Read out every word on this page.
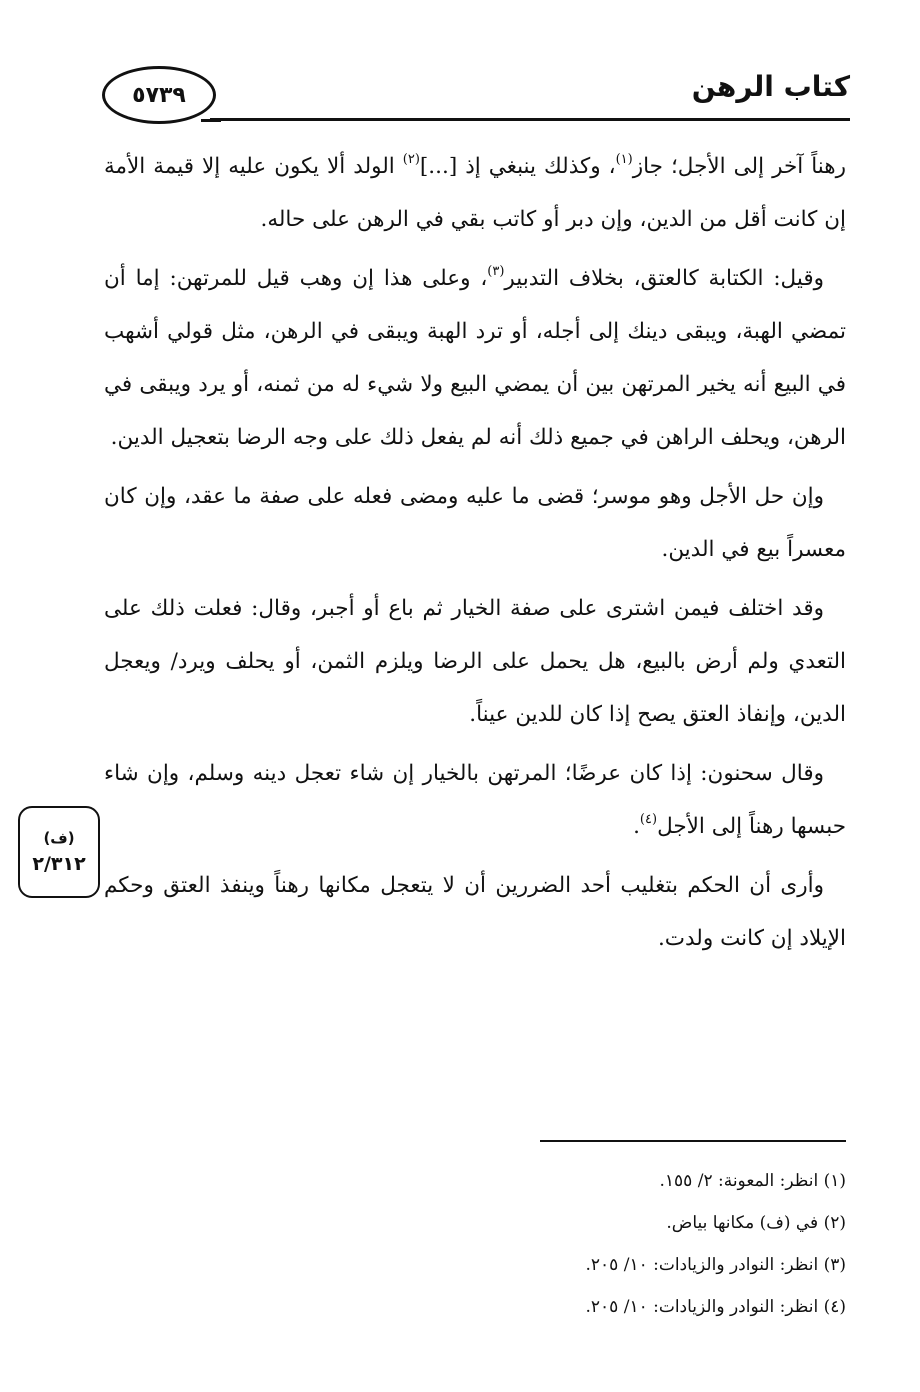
٥٧٣٩	كتاب الرهن
(ف)
٢/٣١٢

رهناً آخر إلى الأجل؛ جاز$^{(١)}$، وكذلك ينبغي إذ [...]$^{(٢)}$ الولد ألا يكون عليه إلا قيمة الأمة إن كانت أقل من الدين، وإن دبر أو كاتب بقي في الرهن على حاله.

وقيل: الكتابة كالعتق، بخلاف التدبير$^{(٣)}$، وعلى هذا إن وهب قيل للمرتهن: إما أن تمضي الهبة، ويبقى دينك إلى أجله، أو ترد الهبة ويبقى في الرهن، مثل قولي أشهب في البيع أنه يخير المرتهن بين أن يمضي البيع ولا شيء له من ثمنه، أو يرد ويبقى في الرهن، ويحلف الراهن في جميع ذلك أنه لم يفعل ذلك على وجه الرضا بتعجيل الدين.

وإن حل الأجل وهو موسر؛ قضى ما عليه ومضى فعله على صفة ما عقد، وإن كان معسراً بيع في الدين.

وقد اختلف فيمن اشترى على صفة الخيار ثم باع أو أجبر، وقال: فعلت ذلك على التعدي ولم أرض بالبيع، هل يحمل على الرضا ويلزم الثمن، أو يحلف ويرد/ ويعجل الدين، وإنفاذ العتق يصح إذا كان للدين عيناً.

وقال سحنون: إذا كان عرضًا؛ المرتهن بالخيار إن شاء تعجل دينه وسلم، وإن شاء حبسها رهناً إلى الأجل$^{(٤)}$.

وأرى أن الحكم بتغليب أحد الضررين أن لا يتعجل مكانها رهناً وينفذ العتق وحكم الإيلاد إن كانت ولدت.

(١) انظر: المعونة: ٢/ ١٥٥.

(٢) في (ف) مكانها بياض.

(٣) انظر: النوادر والزيادات: ١٠/ ٢٠٥.

(٤) انظر: النوادر والزيادات: ١٠/ ٢٠٥.
